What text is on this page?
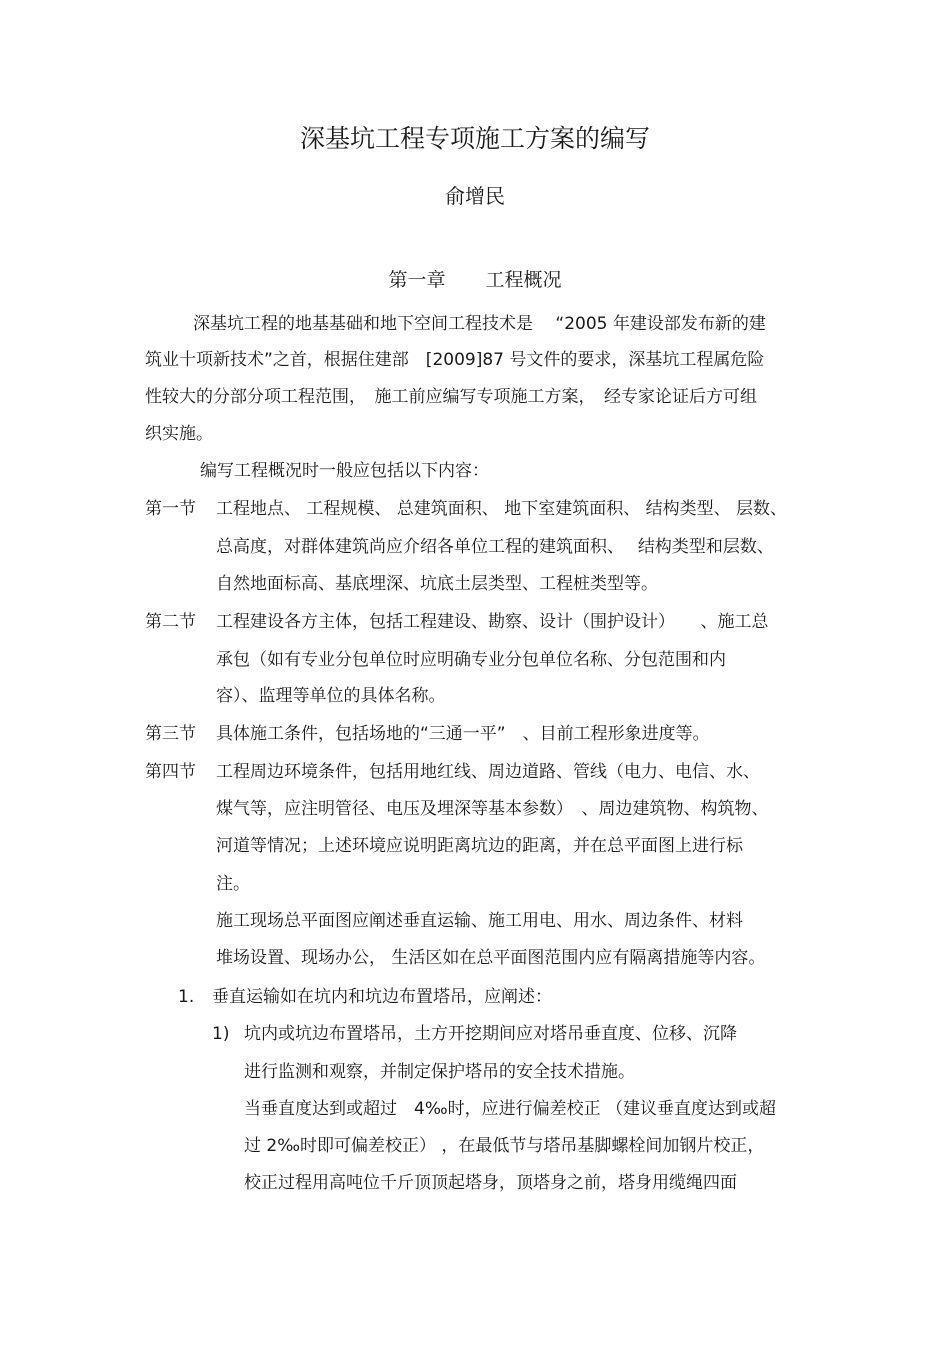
深基坑工程专项施工方案的编写
俞增民
第一章 工程概况
深基坑工程的地基基础和地下空间工程技术是　 “2005 年建设部发布新的建
筑业十项新技术”之首，根据住建部　[2009]87 号文件的要求，深基坑工程属危险
性较大的分部分项工程范围，　施工前应编写专项施工方案，　经专家论证后方可组
织实施。
编写工程概况时一般应包括以下内容：
第一节 工程地点、 工程规模、 总建筑面积、 地下室建筑面积、 结构类型、 层数、
总高度，对群体建筑尚应介绍各单位工程的建筑面积、　 结构类型和层数、
自然地面标高、基底埋深、坑底土层类型、工程桩类型等。
第二节 工程建设各方主体，包括工程建设、勘察、设计（围护设计）　　、施工总
承包（如有专业分包单位时应明确专业分包单位名称、分包范围和内
容）、监理等单位的具体名称。
第三节 具体施工条件，包括场地的“三通一平”　、目前工程形象进度等。
第四节 工程周边环境条件，包括用地红线、周边道路、管线（电力、电信、水、
煤气等，应注明管径、电压及埋深等基本参数）　、周边建筑物、构筑物、
河道等情况；上述环境应说明距离坑边的距离，并在总平面图上进行标
注。
施工现场总平面图应阐述垂直运输、施工用电、用水、周边条件、材料
堆场设置、现场办公， 生活区如在总平面图范围内应有隔离措施等内容。
1. 垂直运输如在坑内和坑边布置塔吊，应阐述：
1) 坑内或坑边布置塔吊，土方开挖期间应对塔吊垂直度、位移、沉降
进行监测和观察，并制定保护塔吊的安全技术措施。
当垂直度达到或超过　4‰时，应进行偏差校正 （建议垂直度达到或超
过 2‰时即可偏差校正） ，在最低节与塔吊基脚螺栓间加钢片校正，
校正过程用高吨位千斤顶顶起塔身，顶塔身之前，塔身用缆绳四面
